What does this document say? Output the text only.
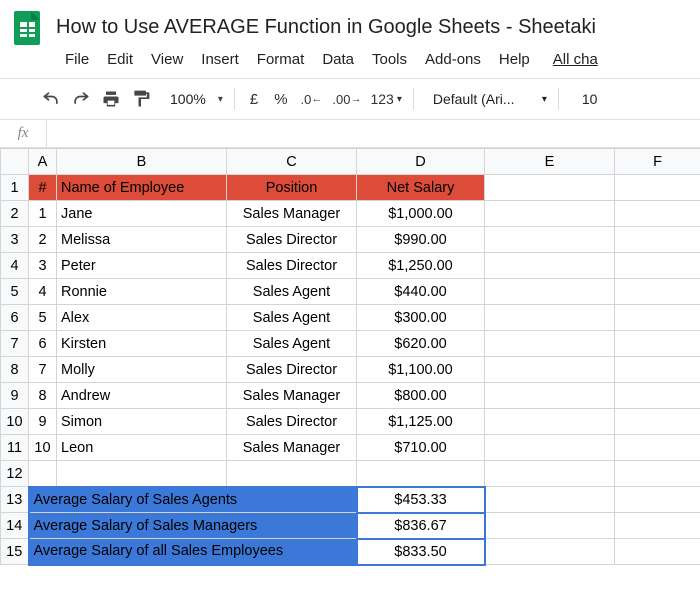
How to Use AVERAGE Function in Google Sheets - Sheetaki
File	Edit	View	Insert	Format	Data	Tools	Add-ons	Help	All cha
100% ▾	£	%	.0 ← .00 → 123 ▾ Default (Ari...	▾	10
fx
	A	B	C	D	E	F
1	#	Name of Employee	Position	Net Salary		
2	1	Jane	Sales Manager	$1,000.00		
3	2	Melissa	Sales Director	$990.00		
4	3	Peter	Sales Director	$1,250.00		
5	4	Ronnie	Sales Agent	$440.00		
6	5	Alex	Sales Agent	$300.00		
7	6	Kirsten	Sales Agent	$620.00		
8	7	Molly	Sales Director	$1,100.00		
9	8	Andrew	Sales Manager	$800.00		
10	9	Simon	Sales Director	$1,125.00		
11	10	Leon	Sales Manager	$710.00		
12						
13	Average Salary of Sales Agents			$453.33		
14	Average Salary of Sales Managers			$836.67		
15	Average Salary of all Sales Employees			$833.50		
